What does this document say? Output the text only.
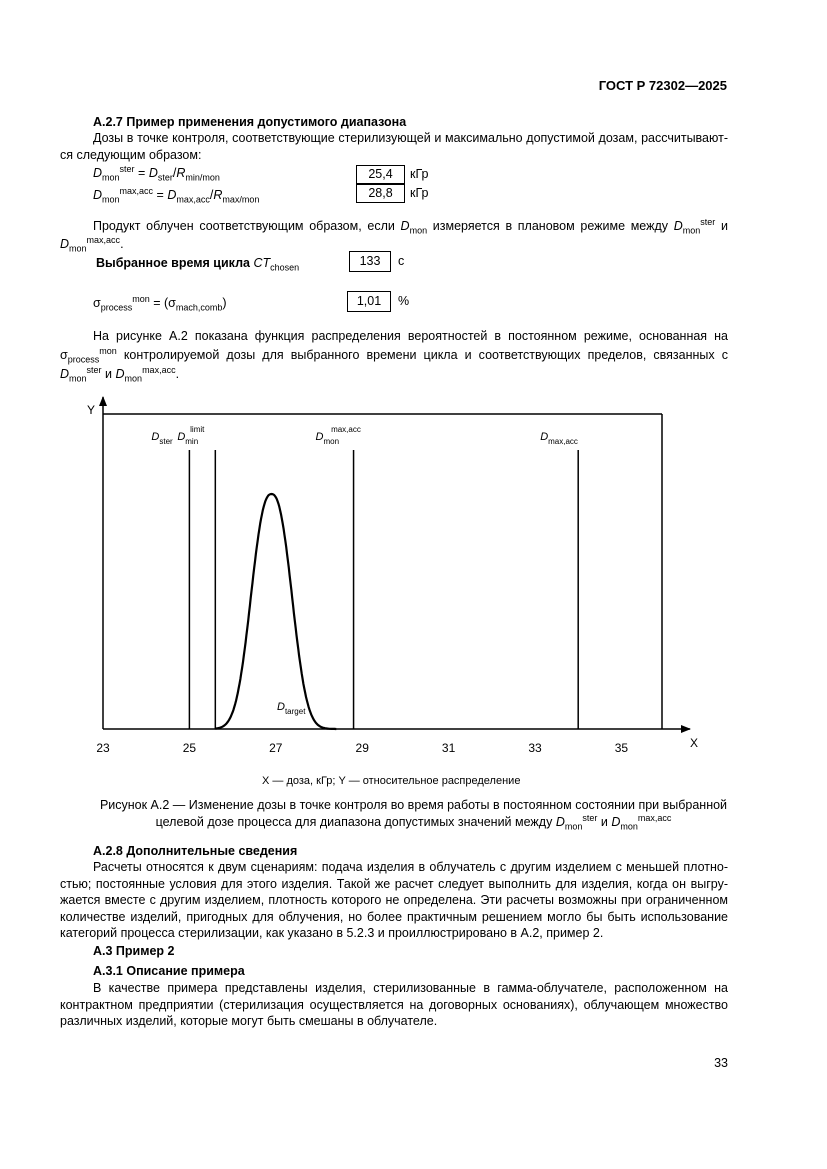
ГОСТ Р 72302—2025
А.2.7 Пример применения допустимого диапазона
Дозы в точке контроля, соответствующие стерилизующей и максимально допустимой дозам, рассчитывают-ся следующим образом:
$D_{mon}^{ster} = D_{ster}/R_{min/mon}$	25,4	кГр
$D_{mon}^{max,acc} = D_{max,acc}/R_{max/mon}$	28,8	кГр
Продукт облучен соответствующим образом, если $D_{mon}$ измеряется в плановом режиме между $D_{mon}^{ster}$ и $D_{mon}^{max,acc}$.
Выбранное время цикла $CT_{chosen}$	133	с
$\sigma_{process}^{mon} = (\sigma_{mach,comb})$	1,01	%
На рисунке А.2 показана функция распределения вероятностей в постоянном режиме, основанная на $\sigma_{process}^{mon}$ контролируемой дозы для выбранного времени цикла и соответствующих пределов, связанных с $D_{mon}^{ster}$ и $D_{mon}^{max,acc}$.
Y
X
23	25	27	29	31	33	35
$D_{ster}$ $D_{min}limit$
$D_{mon}\max,acc$
$D_{max,acc}$
$D_{target}$
X — доза, кГр; Y — относительное распределение
Рисунок А.2 — Изменение дозы в точке контроля во время работы в постоянном состоянии при выбранной
целевой дозе процесса для диапазона допустимых значений между $D_{mon}^{ster}$ и $D_{mon}^{max,acc}$
А.2.8 Дополнительные сведения
Расчеты относятся к двум сценариям: подача изделия в облучатель с другим изделием с меньшей плотно-стью; постоянные условия для этого изделия. Такой же расчет следует выполнить для изделия, когда он выгру-жается вместе с другим изделием, плотность которого не определена. Эти расчеты возможны при ограниченном количестве изделий, пригодных для облучения, но более практичным решением могло бы быть использование категорий процесса стерилизации, как указано в 5.2.3 и проиллюстрировано в А.2, пример 2.
А.3 Пример 2
А.3.1 Описание примера
В качестве примера представлены изделия, стерилизованные в гамма-облучателе, расположенном на контрактном предприятии (стерилизация осуществляется на договорных основаниях), облучающем множество различных изделий, которые могут быть смешаны в облучателе.
33
